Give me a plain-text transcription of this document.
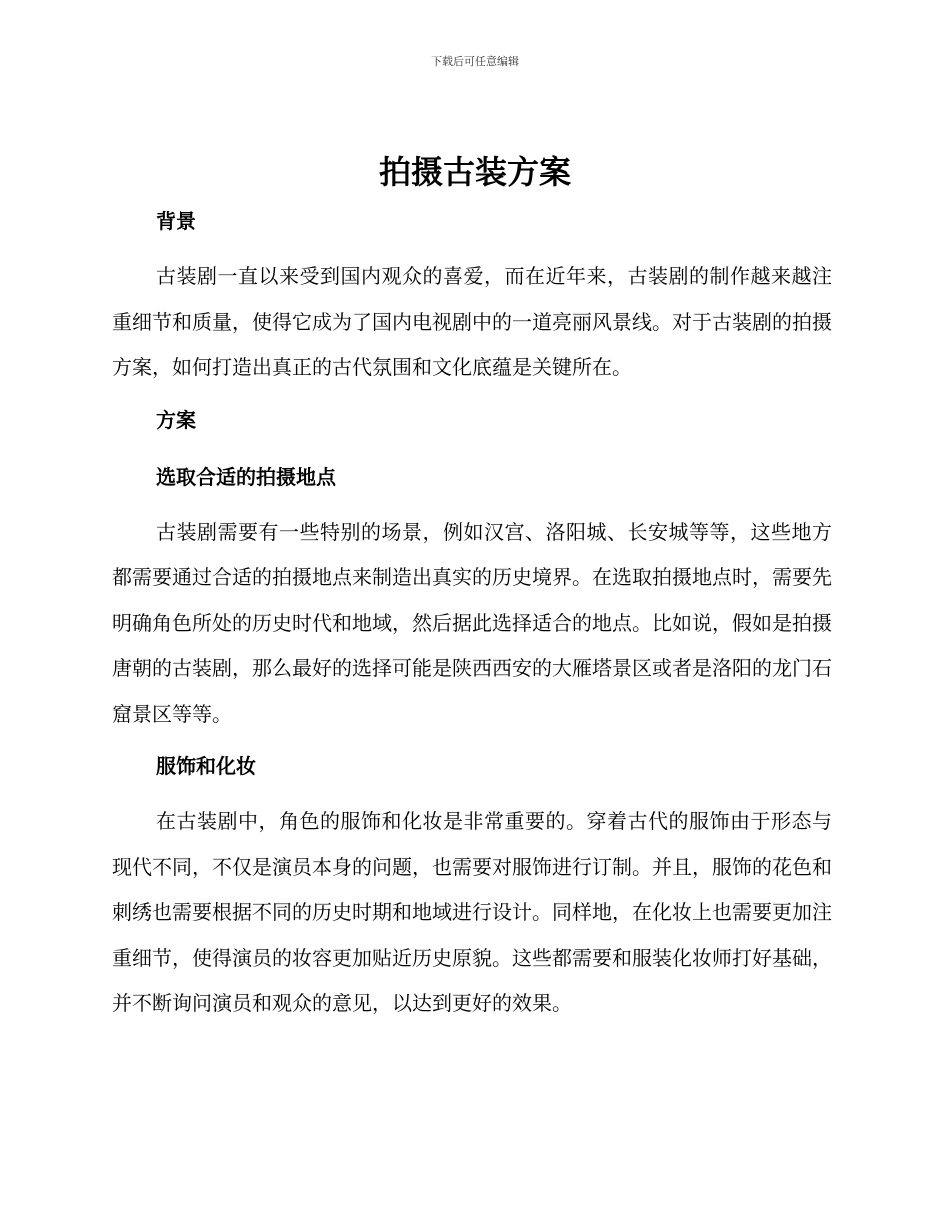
下载后可任意编辑
拍摄古装方案
背景

古装剧一直以来受到国内观众的喜爱，而在近年来，古装剧的制作越来越注重细节和质量，使得它成为了国内电视剧中的一道亮丽风景线。对于古装剧的拍摄方案，如何打造出真正的古代氛围和文化底蕴是关键所在。

方案
选取合适的拍摄地点

古装剧需要有一些特别的场景，例如汉宫、洛阳城、长安城等等，这些地方都需要通过合适的拍摄地点来制造出真实的历史境界。在选取拍摄地点时，需要先明确角色所处的历史时代和地域，然后据此选择适合的地点。比如说，假如是拍摄唐朝的古装剧，那么最好的选择可能是陕西西安的大雁塔景区或者是洛阳的龙门石窟景区等等。

服饰和化妆

在古装剧中，角色的服饰和化妆是非常重要的。穿着古代的服饰由于形态与现代不同，不仅是演员本身的问题，也需要对服饰进行订制。并且，服饰的花色和刺绣也需要根据不同的历史时期和地域进行设计。同样地，在化妆上也需要更加注重细节，使得演员的妆容更加贴近历史原貌。这些都需要和服装化妆师打好基础，并不断询问演员和观众的意见，以达到更好的效果。
